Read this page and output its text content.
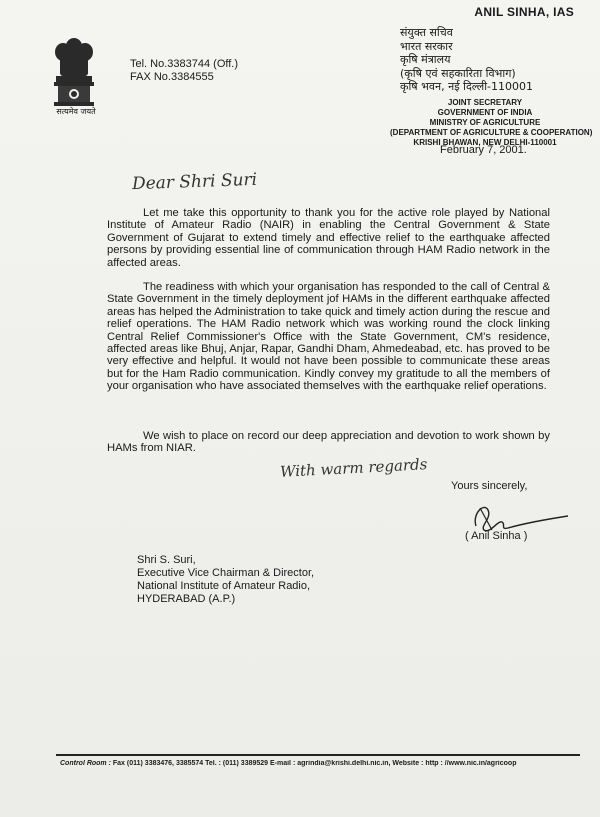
सत्यमेव जयते
Tel. No.3383744 (Off.)
FAX No.3384555
ANIL SINHA, IAS
संयुक्त सचिव
भारत सरकार
कृषि मंत्रालय
(कृषि एवं सहकारिता विभाग)
कृषि भवन, नई दिल्ली-110001
JOINT SECRETARY
GOVERNMENT OF INDIA
MINISTRY OF AGRICULTURE
(DEPARTMENT OF AGRICULTURE & COOPERATION)
KRISHI BHAWAN, NEW DELHI-110001
February 7, 2001.
Dear Shri Suri
Let me take this opportunity to thank you for the active role played by National Institute of Amateur Radio (NAIR) in enabling the Central Government & State Government of Gujarat to extend timely and effective relief to the earthquake affected persons by providing essential line of communication through HAM Radio network in the affected areas.
The readiness with which your organisation has responded to the call of Central & State Government in the timely deployment jof HAMs in the different earthquake affected areas has helped the Administration to take quick and timely action during the rescue and relief operations. The HAM Radio network which was working round the clock linking Central Relief Commissioner's Office with the State Government, CM's residence, affected areas like Bhuj, Anjar, Rapar, Gandhi Dham, Ahmedeabad, etc. has proved to be very effective and helpful. It would not have been possible to communicate these areas but for the Ham Radio communication. Kindly convey my gratitude to all the members of your organisation who have associated themselves with the earthquake relief operations.
We wish to place on record our deep appreciation and devotion to work shown by HAMs from NIAR.
With warm regards
Yours sincerely,
( Anil Sinha )
Shri S. Suri,
Executive Vice Chairman & Director,
National Institute of Amateur Radio,
HYDERABAD (A.P.)
Control Room : Fax (011) 3383476, 3385574 Tel. : (011) 3389529 E-mail : agrindia@krishi.delhi.nic.in, Website : http : //www.nic.in/agricoop
